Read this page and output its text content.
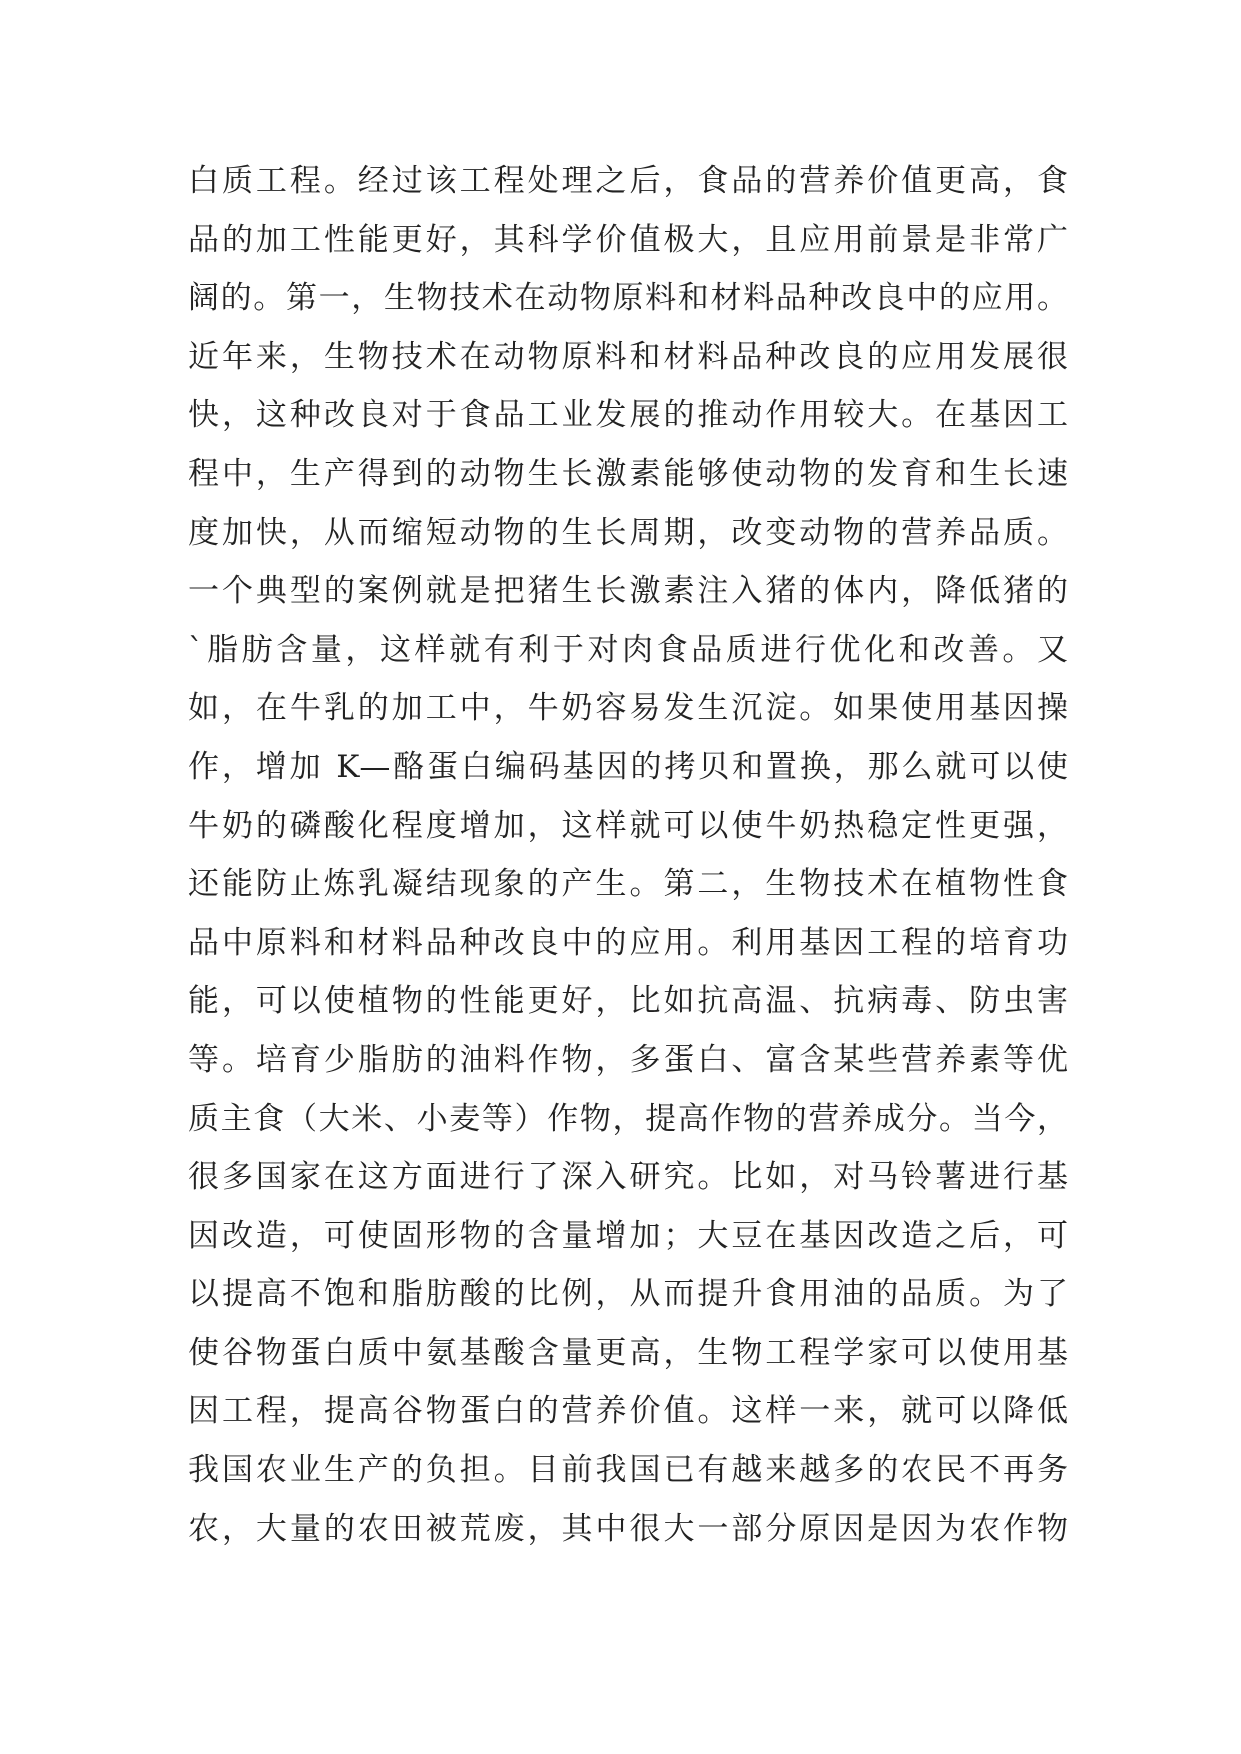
白质工程。经过该工程处理之后，食品的营养价值更高，食
品的加工性能更好，其科学价值极大，且应用前景是非常广
阔的。第一，生物技术在动物原料和材料品种改良中的应用。
近年来，生物技术在动物原料和材料品种改良的应用发展很
快，这种改良对于食品工业发展的推动作用较大。在基因工
程中，生产得到的动物生长激素能够使动物的发育和生长速
度加快，从而缩短动物的生长周期，改变动物的营养品质。
一个典型的案例就是把猪生长激素注入猪的体内，降低猪的
`脂肪含量，这样就有利于对肉食品质进行优化和改善。又
如，在牛乳的加工中，牛奶容易发生沉淀。如果使用基因操
作，增加 K—酪蛋白编码基因的拷贝和置换，那么就可以使
牛奶的磷酸化程度增加，这样就可以使牛奶热稳定性更强，
还能防止炼乳凝结现象的产生。第二，生物技术在植物性食
品中原料和材料品种改良中的应用。利用基因工程的培育功
能，可以使植物的性能更好，比如抗高温、抗病毒、防虫害
等。培育少脂肪的油料作物，多蛋白、富含某些营养素等优
质主食（大米、小麦等）作物，提高作物的营养成分。当今，
很多国家在这方面进行了深入研究。比如，对马铃薯进行基
因改造，可使固形物的含量增加；大豆在基因改造之后，可
以提高不饱和脂肪酸的比例，从而提升食用油的品质。为了
使谷物蛋白质中氨基酸含量更高，生物工程学家可以使用基
因工程，提高谷物蛋白的营养价值。这样一来，就可以降低
我国农业生产的负担。目前我国已有越来越多的农民不再务
农，大量的农田被荒废，其中很大一部分原因是因为农作物
